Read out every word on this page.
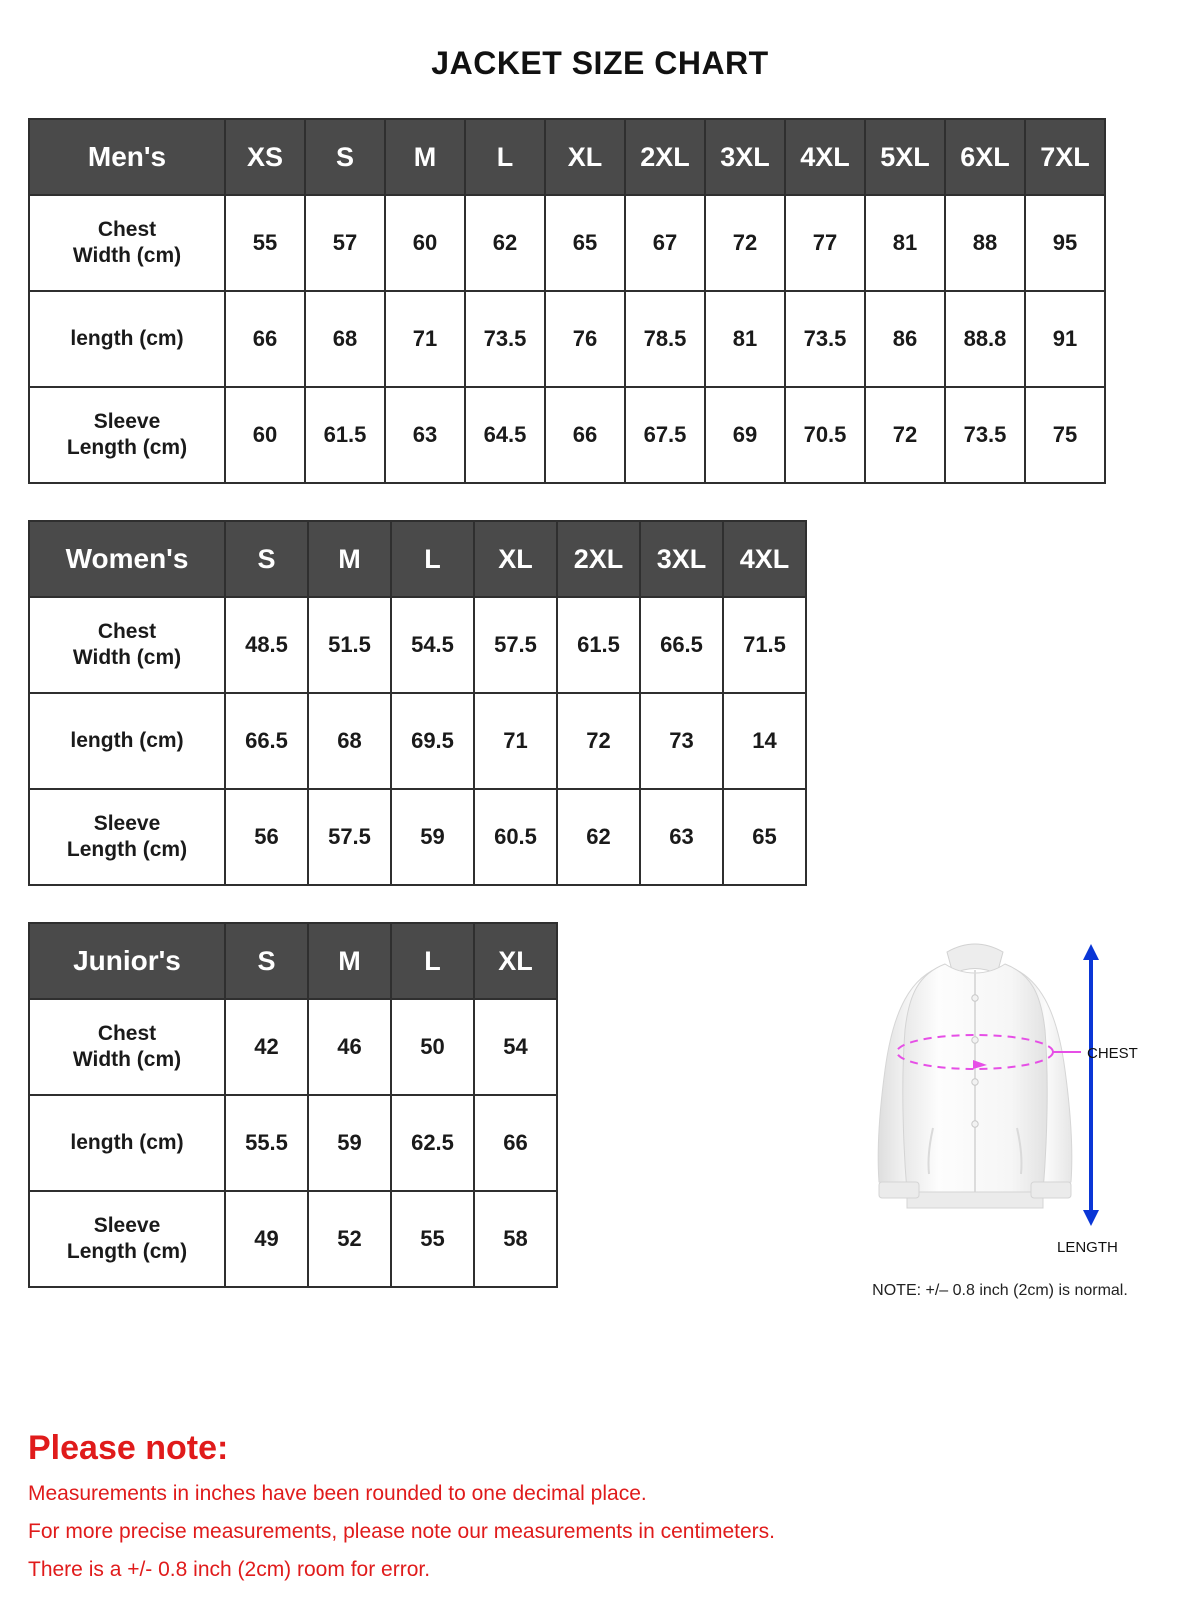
JACKET SIZE CHART
Men's	XS	S	M	L	XL	2XL	3XL	4XL	5XL	6XL	7XL

Chest
Width (cm)	55	57	60	62	65	67	72	77	81	88	95

length (cm)	66	68	71	73.5	76	78.5	81	73.5	86	88.8	91

Sleeve
Length (cm)	60	61.5	63	64.5	66	67.5	69	70.5	72	73.5	75
Women's	S	M	L	XL	2XL	3XL	4XL

Chest
Width (cm)	48.5	51.5	54.5	57.5	61.5	66.5	71.5

length (cm)	66.5	68	69.5	71	72	73	14

Sleeve
Length (cm)	56	57.5	59	60.5	62	63	65
Junior's	S	M	L	XL

Chest
Width (cm)	42	46	50	54

length (cm)	55.5	59	62.5	66

Sleeve
Length (cm)	49	52	55	58
CHEST
LENGTH
NOTE: +/– 0.8 inch (2cm) is normal.
Please note:

Measurements in inches have been rounded to one decimal place.

For more precise measurements, please note our measurements in centimeters.

There is a +/- 0.8 inch (2cm) room for error.
